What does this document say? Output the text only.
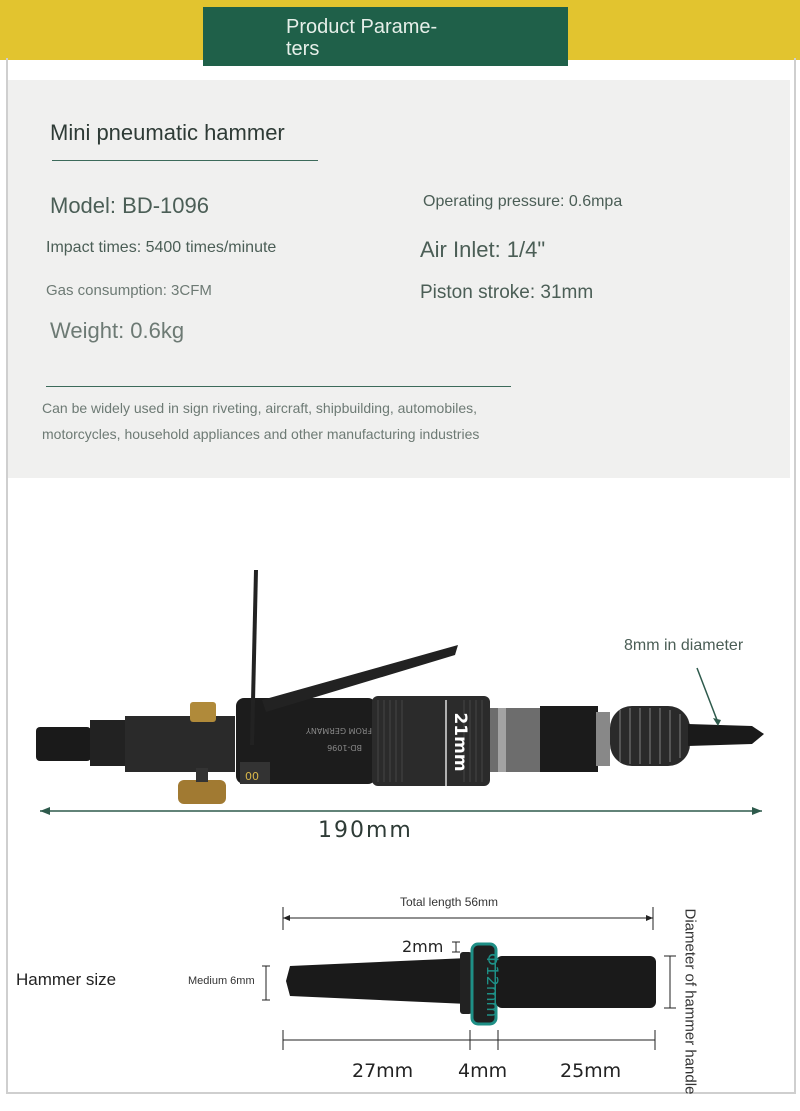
Product Parame-
ters
Mini pneumatic hammer
Model: BD-1096	Operating pressure: 0.6mpa
Impact times: 5400 times/minute	Air Inlet: 1/4"
Gas consumption: 3CFM	Piston stroke: 31mm
Weight: 0.6kg
Can be widely used in sign riveting, aircraft, shipbuilding, automobiles,
motorcycles, household appliances and other manufacturing industries
00
FROM GERMANY
BD-1096	21mm
Φ12mm
8mm in diameter
190mm
Hammer size
Total length 56mm
Medium 6mm
2mm	Diameter of hammer handle
27mm 4mm	25mm
